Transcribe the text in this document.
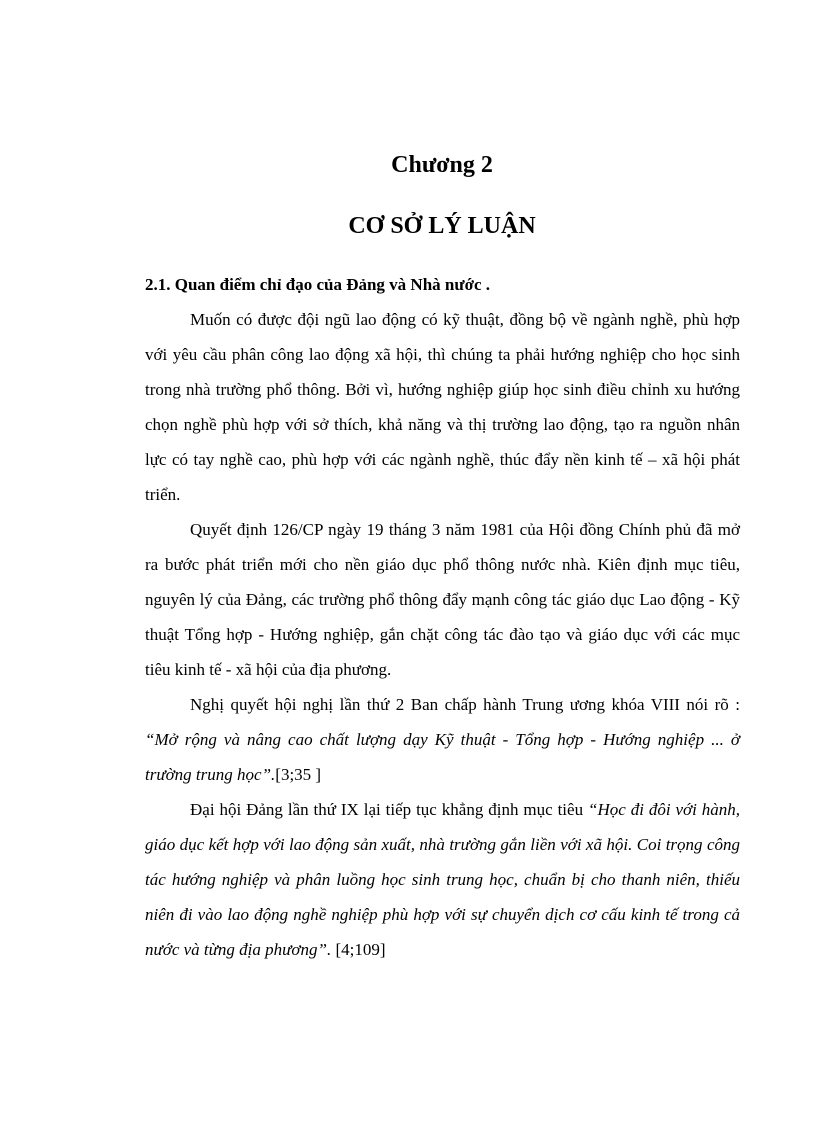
Chương 2
CƠ SỞ LÝ LUẬN
2.1. Quan điểm chỉ đạo của Đảng và Nhà nước .

Muốn có được đội ngũ lao động có kỹ thuật, đồng bộ về ngành nghề, phù hợp với yêu cầu phân công lao động xã hội, thì chúng ta phải hướng nghiệp cho học sinh trong nhà trường phổ thông. Bởi vì, hướng nghiệp giúp học sinh điều chỉnh xu hướng chọn nghề phù hợp với sở thích, khả năng và thị trường lao động, tạo ra nguồn nhân lực có tay nghề cao, phù hợp với các ngành nghề, thúc đẩy nền kinh tế – xã hội phát triển.

Quyết định 126/CP ngày 19 tháng 3 năm 1981 của Hội đồng Chính phủ đã mở ra bước phát triển mới cho nền giáo dục phổ thông nước nhà. Kiên định mục tiêu, nguyên lý của Đảng, các trường phổ thông đẩy mạnh công tác giáo dục Lao động - Kỹ thuật Tổng hợp - Hướng nghiệp, gắn chặt công tác đào tạo và giáo dục với các mục tiêu kinh tế - xã hội của địa phương.

Nghị quyết hội nghị lần thứ 2 Ban chấp hành Trung ương khóa VIII nói rõ : “Mở rộng và nâng cao chất lượng dạy Kỹ thuật - Tổng hợp - Hướng nghiệp ... ở trường trung học”.[3;35 ]

Đại hội Đảng lần thứ IX lại tiếp tục khẳng định mục tiêu “Học đi đôi với hành, giáo dục kết hợp với lao động sản xuất, nhà trường gắn liền với xã hội. Coi trọng công tác hướng nghiệp và phân luồng học sinh trung học, chuẩn bị cho thanh niên, thiếu niên đi vào lao động nghề nghiệp phù hợp với sự chuyển dịch cơ cấu kinh tế trong cả nước và từng địa phương”. [4;109]
